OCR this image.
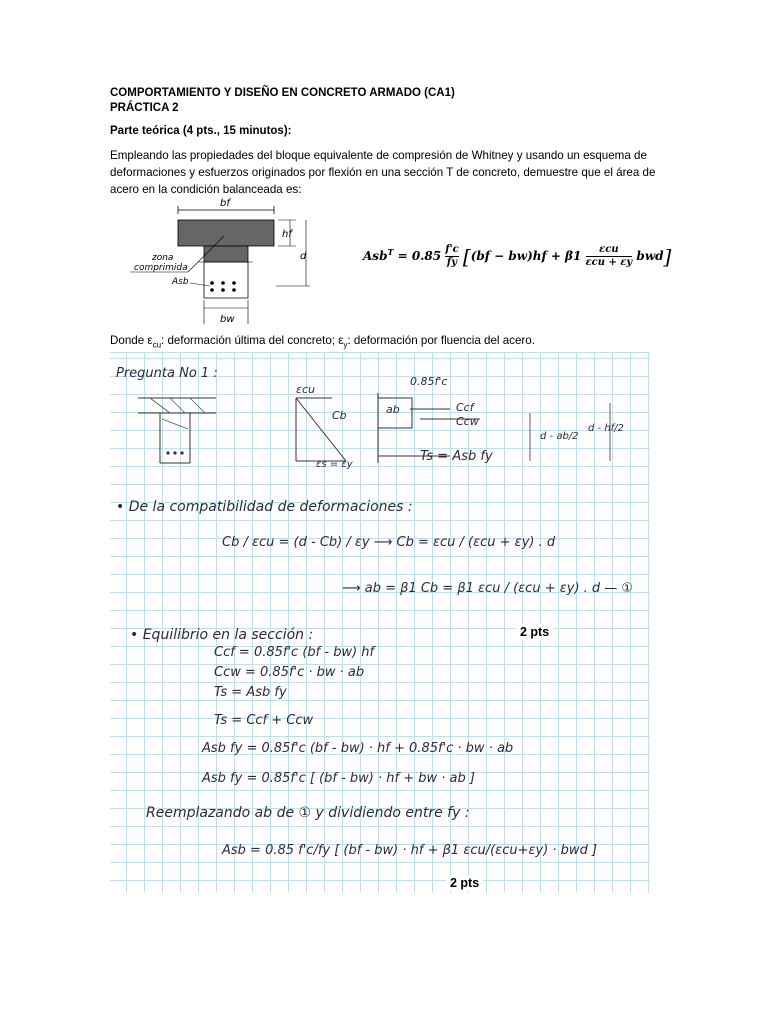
COMPORTAMIENTO Y DISEÑO EN CONCRETO ARMADO (CA1)
PRÁCTICA 2
Parte teórica (4 pts., 15 minutos):
Empleando las propiedades del bloque equivalente de compresión de Whitney y usando un esquema de
deformaciones y esfuerzos originados por flexión en una sección T de concreto, demuestre que el área de
acero en la condición balanceada es:
bf
hf
d
zona
comprimida
Asb
bw
$Asb^T = 0.85 \frac{f'c}{fy} [(bf - bw)hf + \beta 1$	εcu
εcu + εy bwd]
Donde $\varepsilon_{cu}$: deformación última del concreto; $\varepsilon_y$: deformación por fluencia del acero.
Pregunta No 1 :
0.85f'c
εcu
Cb	ab	Ccf
Ccw
d - ab/2
d - hf/2
εs = εy
Ts = Asb fy
• De la compatibilidad de deformaciones :
Cb / εcu = (d - Cb) / εy ⟶ Cb = εcu / (εcu + εy) . d
⟶ ab = β1 Cb = β1 εcu / (εcu + εy) . d — ①
• Equilibrio en la sección :
Ccf = 0.85f'c (bf - bw) hf
Ccw = 0.85f'c · bw · ab
Ts = Asb fy
Ts = Ccf + Ccw
Asb fy = 0.85f'c (bf - bw) · hf + 0.85f'c · bw · ab
Asb fy = 0.85f'c [ (bf - bw) · hf + bw · ab ]
Reemplazando ab de ① y dividiendo entre fy :
Asb = 0.85 f'c/fy [ (bf - bw) · hf + β1 εcu/(εcu+εy) · bwd ]
2 pts
2 pts
